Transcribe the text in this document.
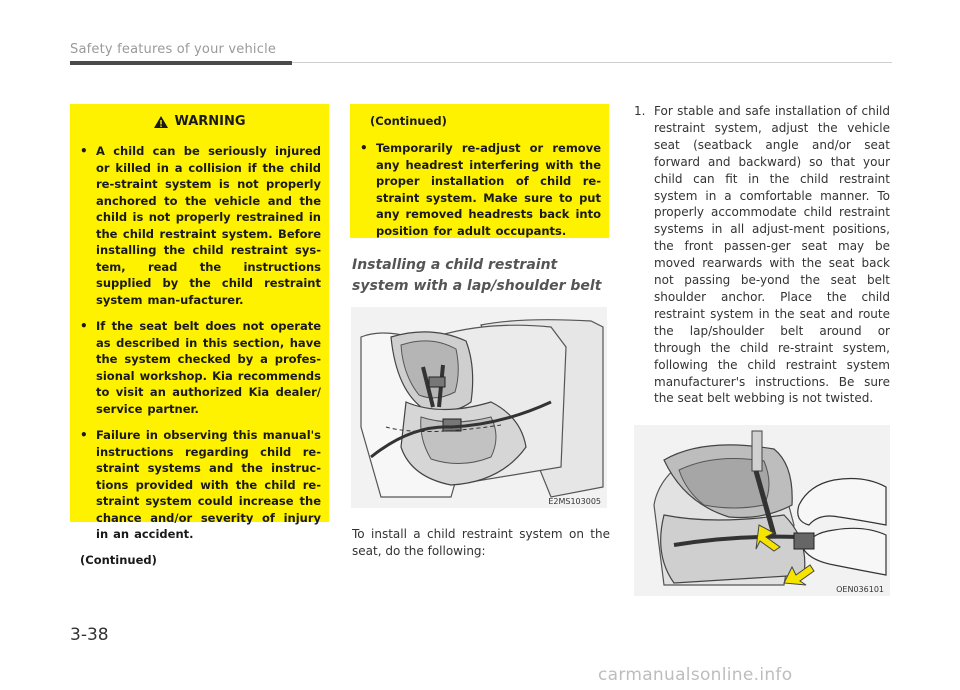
Safety features of your vehicle
WARNING
• A child can be seriously injured or killed in a collision if the child re-straint system is not properly anchored to the vehicle and the child is not properly restrained in the child restraint system. Before installing the child restraint sys-tem, read the instructions supplied by the child restraint system man-ufacturer.
• If the seat belt does not operate as described in this section, have the system checked by a profes-sional workshop. Kia recommends to visit an authorized Kia dealer/ service partner.
• Failure in observing this manual's instructions regarding child re-straint systems and the instruc-tions provided with the child re-straint system could increase the chance and/or severity of injury in an accident.
(Continued)
(Continued)
• Temporarily re-adjust or remove any headrest interfering with the proper installation of child re-straint system. Make sure to put any removed headrests back into position for adult occupants.
Installing a child restraint system with a lap/shoulder belt
E2MS103005
To install a child restraint system on the seat, do the following:
1. For stable and safe installation of child restraint system, adjust the vehicle seat (seatback angle and/or seat forward and backward) so that your child can fit in the child restraint system in a comfortable manner. To properly accommodate child restraint systems in all adjust-ment positions, the front passen-ger seat may be moved rearwards with the seat back not passing be-yond the seat belt shoulder anchor. Place the child restraint system in the seat and route the lap/shoulder belt around or through the child re-straint system, following the child restraint system manufacturer's instructions. Be sure the seat belt webbing is not twisted.
OEN036101
3-38
carmanualsonline.info
